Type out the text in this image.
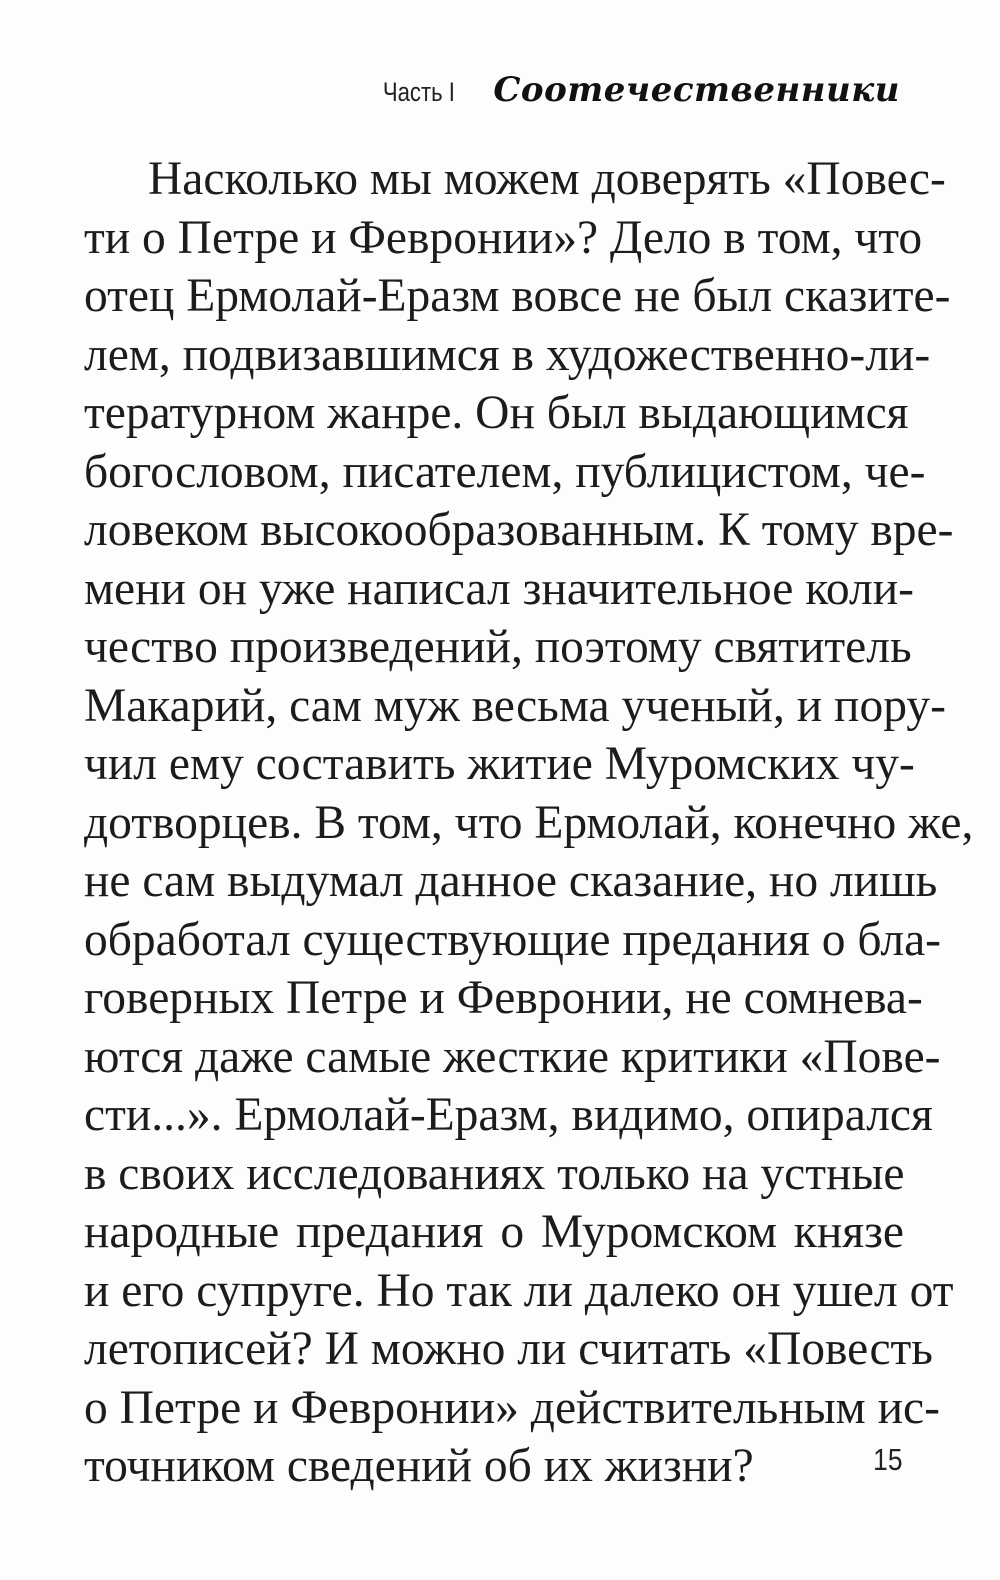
Часть I Соотечественники
Насколько мы можем доверять «Повес-
ти о Петре и Февронии»? Дело в том, что
отец Ермолай-Еразм вовсе не был сказите-
лем, подвизавшимся в художественно-ли-
тературном жанре. Он был выдающимся
богословом, писателем, публицистом, че-
ловеком высокообразованным. К тому вре-
мени он уже написал значительное коли-
чество произведений, поэтому святитель
Макарий, сам муж весьма ученый, и пору-
чил ему составить житие Муромских чу-
дотворцев. В том, что Ермолай, конечно же,
не сам выдумал данное сказание, но лишь
обработал существующие предания о бла-
говерных Петре и Февронии, не сомнева-
ются даже самые жесткие критики «Пове-
сти...». Ермолай-Еразм, видимо, опирался
в своих исследованиях только на устные
народные предания о Муромском князе
и его супруге. Но так ли далеко он ушел от
летописей? И можно ли считать «Повесть
о Петре и Февронии» действительным ис-
точником сведений об их жизни?	15
